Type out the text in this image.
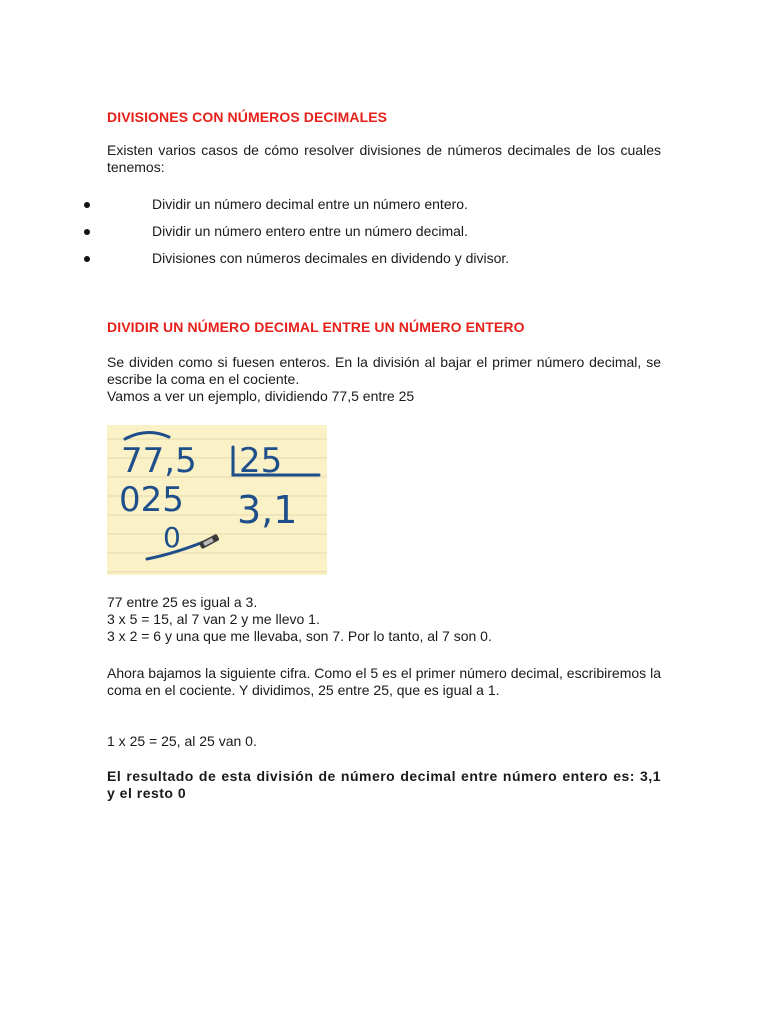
DIVISIONES CON NÚMEROS DECIMALES

Existen varios casos de cómo resolver divisiones de números decimales de los cuales tenemos:

Dividir un número decimal entre un número entero.
Dividir un número entero entre un número decimal.
Divisiones con números decimales en dividendo y divisor.
DIVIDIR UN NÚMERO DECIMAL ENTRE UN NÚMERO ENTERO

Se dividen como si fuesen enteros. En la división al bajar el primer número decimal, se escribe la coma en el cociente.
Vamos a ver un ejemplo, dividiendo 77,5 entre 25

77,5 25
025 3,1
0

77 entre 25 es igual a 3.
3 x 5 = 15, al 7 van 2 y me llevo 1.
3 x 2 = 6 y una que me llevaba, son 7. Por lo tanto, al 7 son 0.

Ahora bajamos la siguiente cifra. Como el 5 es el primer número decimal, escribiremos la coma en el cociente. Y dividimos, 25 entre 25, que es igual a 1.

1 x 25 = 25, al 25 van 0.

El resultado de esta división de número decimal entre número entero es: 3,1 y el resto 0
